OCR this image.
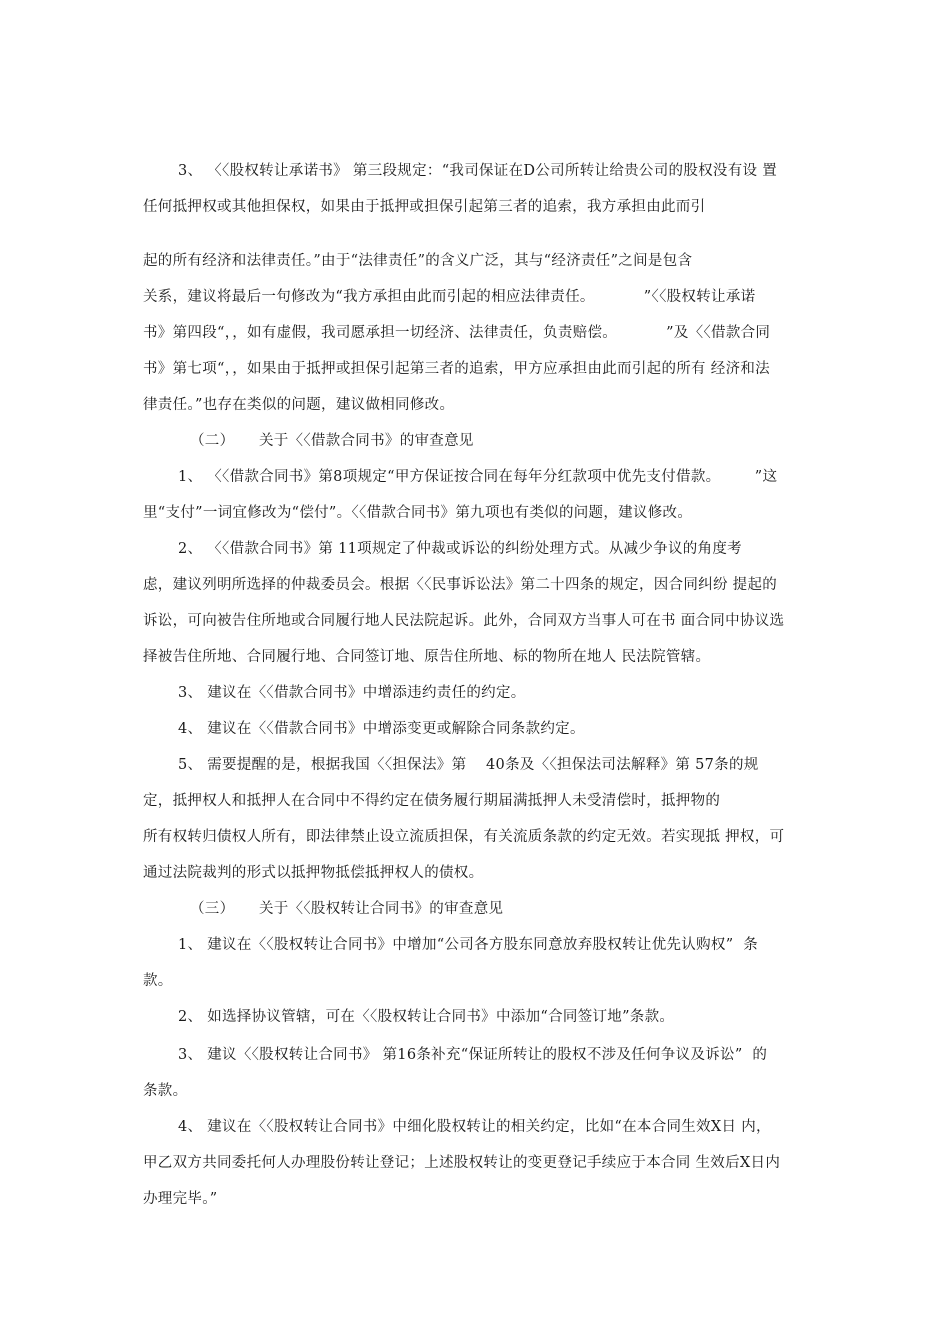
3、 〈〈股权转让承诺书》 第三段规定：“我司保证在D公司所转让给贵公司的股权没有设 置

任何抵押权或其他担保权，如果由于抵押或担保引起第三者的追索，我方承担由此而引

起的所有经济和法律责任。”由于“法律责任”的含义广泛，其与“经济责任”之间是包含

关系，建议将最后一句修改为“我方承担由此而引起的相应法律责任。          ”〈〈股权转让承诺

书》第四段“，，如有虚假，我司愿承担一切经济、法律责任，负责赔偿。          ”及〈〈借款合同

书》第七项“，，如果由于抵押或担保引起第三者的追索，甲方应承担由此而引起的所有 经济和法

律责任。”也存在类似的问题，建议做相同修改。

（二）     关于〈〈借款合同书》的审查意见

1、 〈〈借款合同书》第8项规定“甲方保证按合同在每年分红款项中优先支付借款。       ”这

里“支付”一词宜修改为“偿付”。〈〈借款合同书》第九项也有类似的问题，建议修改。

2、 〈〈借款合同书》第 11项规定了仲裁或诉讼的纠纷处理方式。从减少争议的角度考

虑，建议列明所选择的仲裁委员会。根据〈〈民事诉讼法》第二十四条的规定，因合同纠纷 提起的

诉讼，可向被告住所地或合同履行地人民法院起诉。此外，合同双方当事人可在书 面合同中协议选

择被告住所地、合同履行地、合同签订地、原告住所地、标的物所在地人 民法院管辖。

3、 建议在〈〈借款合同书》中增添违约责任的约定。

4、 建议在〈〈借款合同书》中增添变更或解除合同条款约定。

5、 需要提醒的是，根据我国〈〈担保法》第    40条及〈〈担保法司法解释》第 57条的规

定，抵押权人和抵押人在合同中不得约定在债务履行期届满抵押人未受清偿时，抵押物的

所有权转归债权人所有，即法律禁止设立流质担保，有关流质条款的约定无效。若实现抵 押权，可

通过法院裁判的形式以抵押物抵偿抵押权人的债权。

（三）     关于〈〈股权转让合同书》的审查意见

1、 建议在〈〈股权转让合同书》中增加“公司各方股东同意放弃股权转让优先认购权”  条

款。

2、 如选择协议管辖，可在〈〈股权转让合同书》中添加“合同签订地”条款。

3、 建议〈〈股权转让合同书》 第16条补充“保证所转让的股权不涉及任何争议及诉讼”  的

条款。

4、 建议在〈〈股权转让合同书》中细化股权转让的相关约定，比如“在本合同生效X日 内，

甲乙双方共同委托何人办理股份转让登记；上述股权转让的变更登记手续应于本合同 生效后X日内

办理完毕。”
